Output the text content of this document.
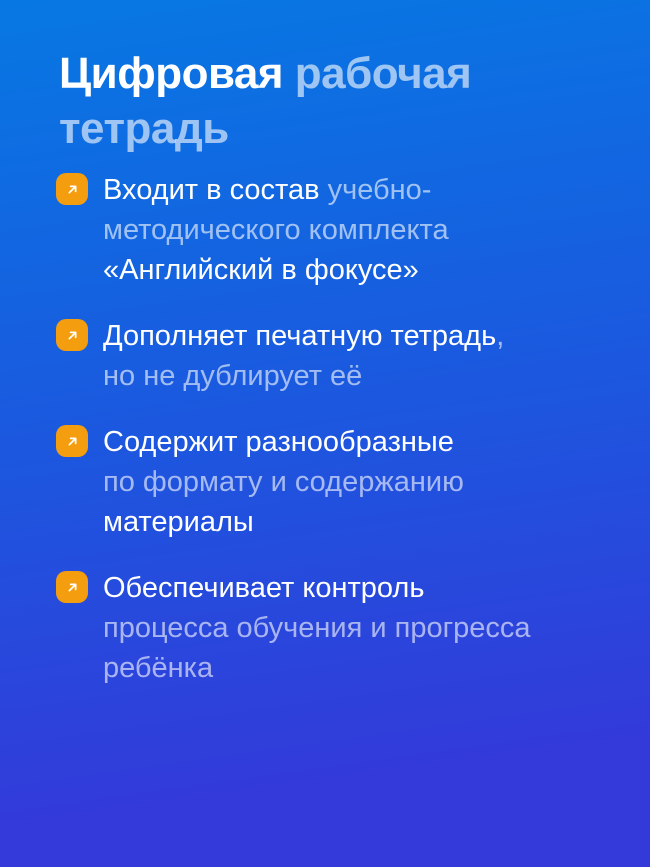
Цифровая рабочая
тетрадь
Входит в состав учебно-
методического комплекта
«Английский в фокусе»
Дополняет печатную тетрадь,
но не дублирует её
Содержит разнообразные
по формату и содержанию
материалы
Обеспечивает контроль
процесса обучения и прогресса
ребёнка
